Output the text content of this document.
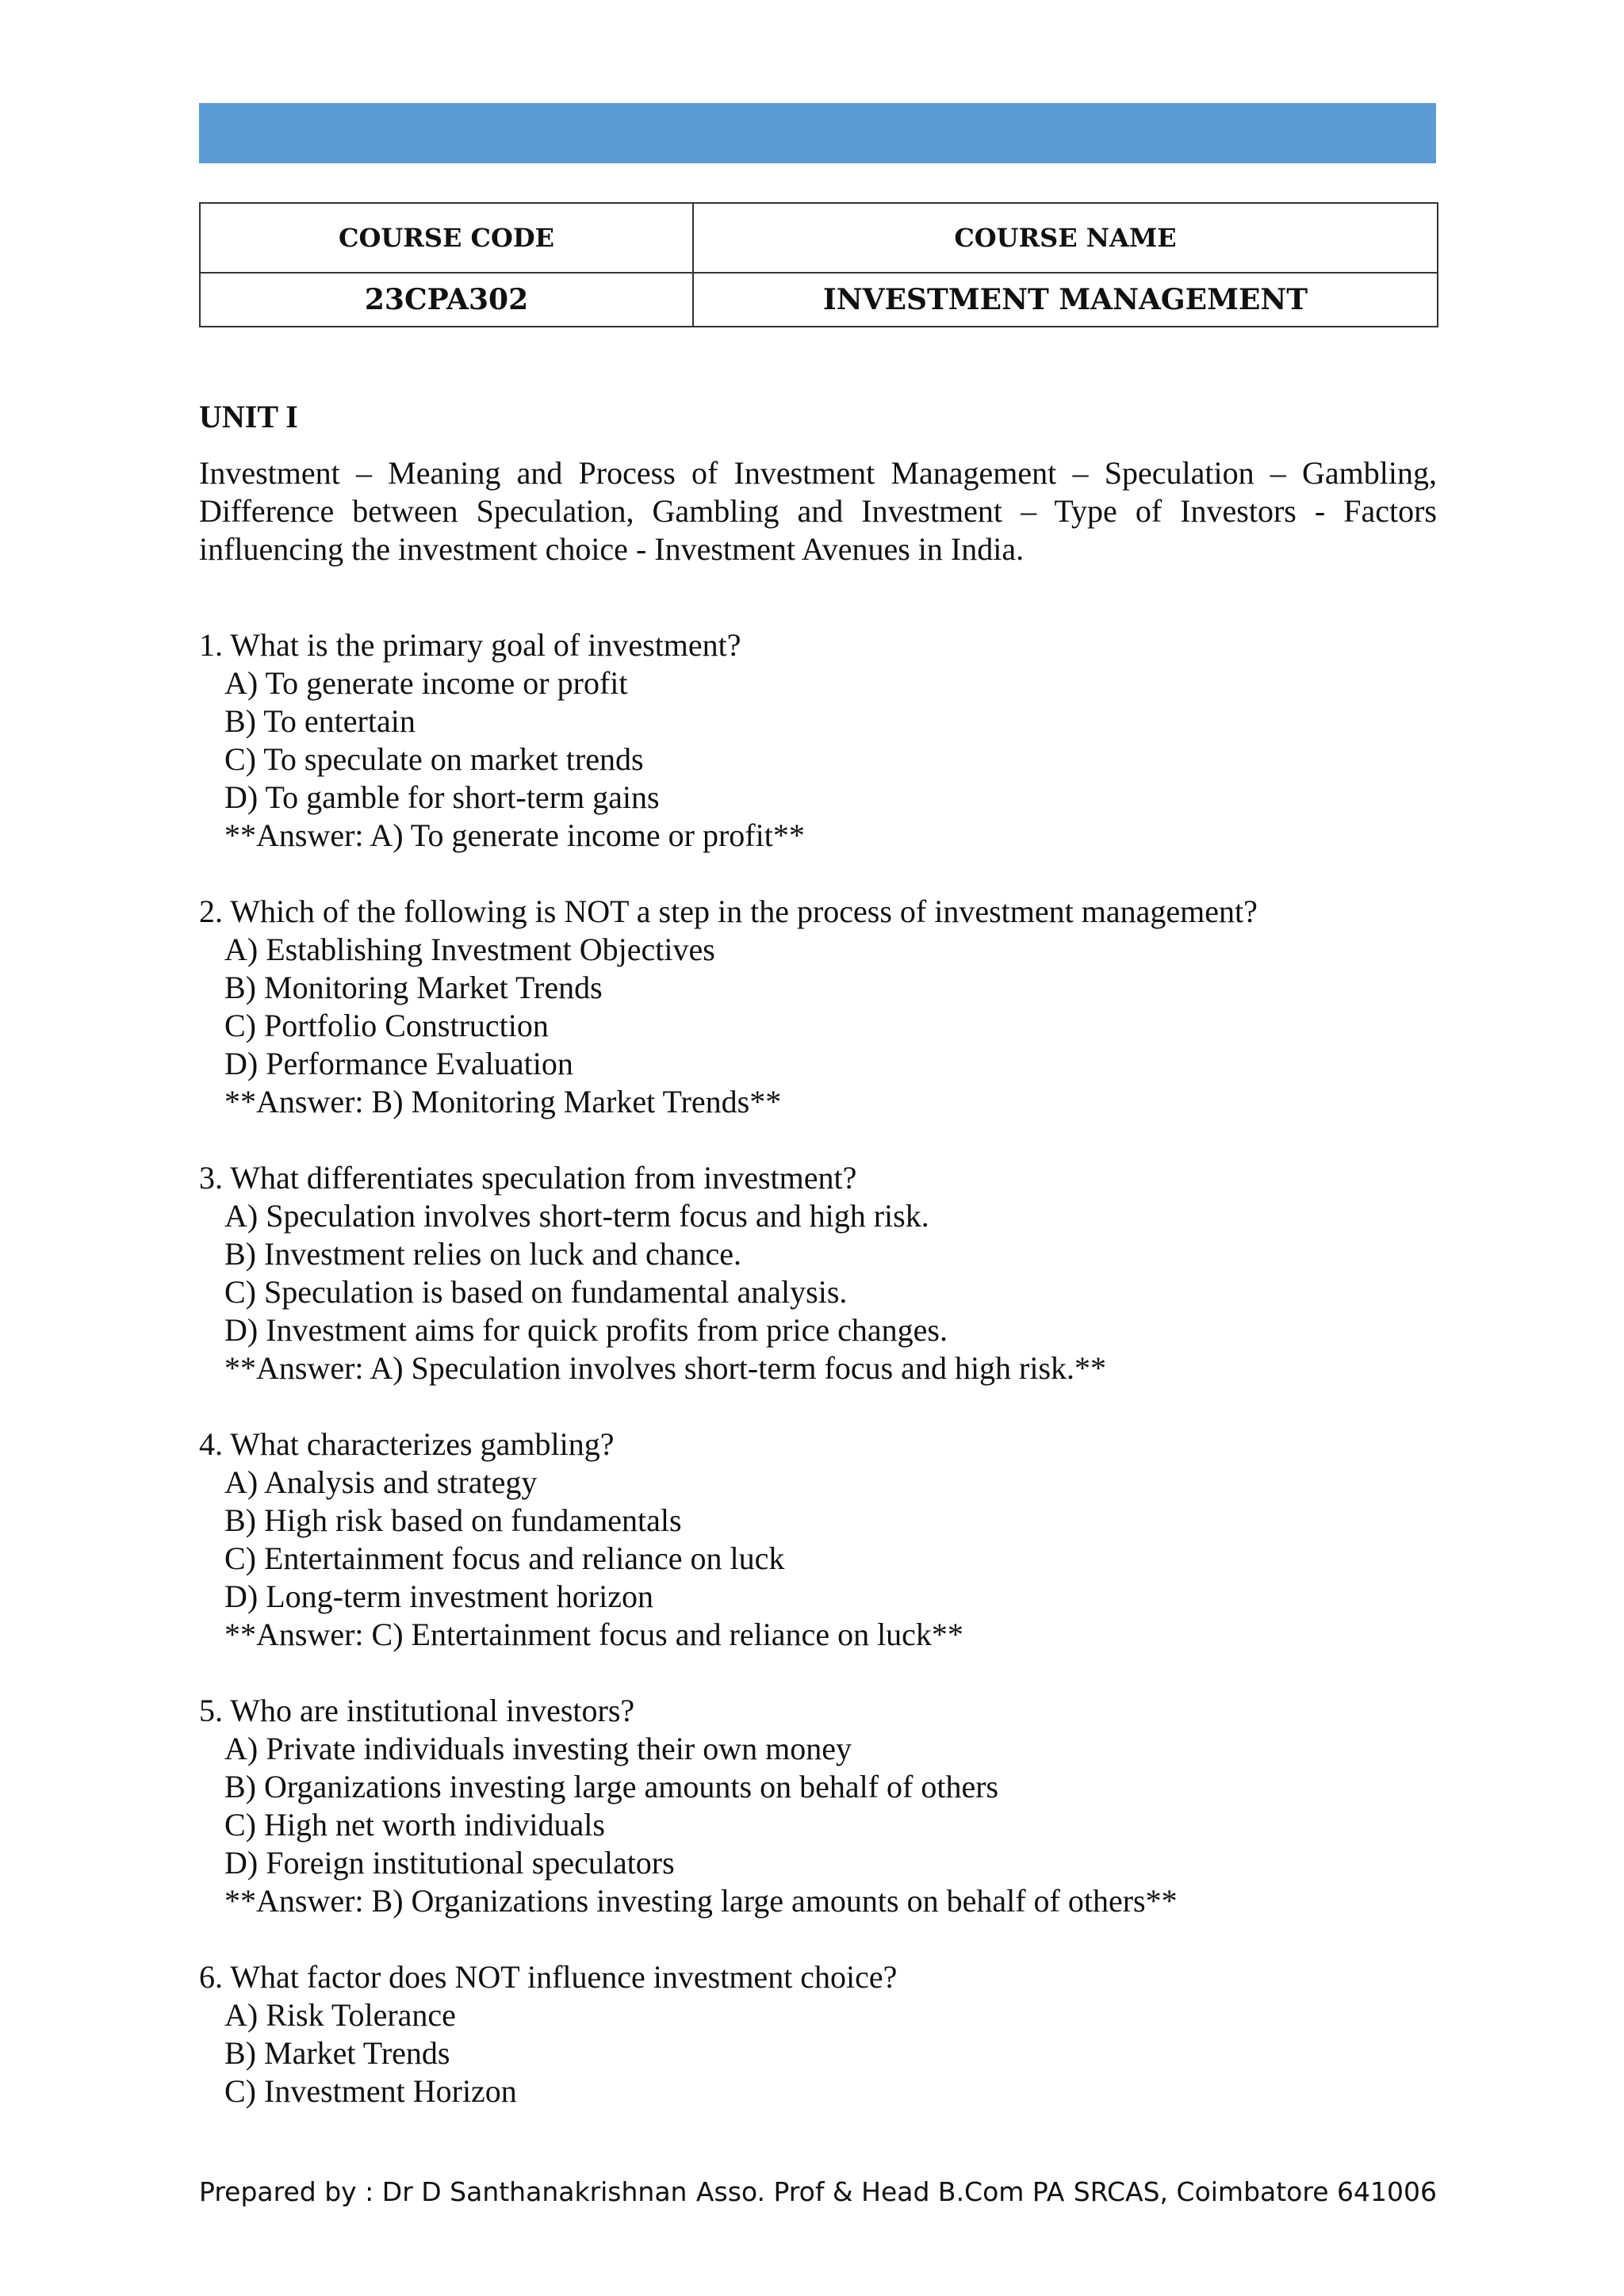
COURSE CODE	COURSE NAME
23CPA302	INVESTMENT MANAGEMENT
UNIT I

Investment – Meaning and Process of Investment Management – Speculation – Gambling, Difference between Speculation, Gambling and Investment – Type of Investors - Factors influencing the investment choice - Investment Avenues in India.

1. What is the primary goal of investment?
A) To generate income or profit
B) To entertain
C) To speculate on market trends
D) To gamble for short-term gains
**Answer: A) To generate income or profit**
2. Which of the following is NOT a step in the process of investment management?
A) Establishing Investment Objectives
B) Monitoring Market Trends
C) Portfolio Construction
D) Performance Evaluation
**Answer: B) Monitoring Market Trends**
3. What differentiates speculation from investment?
A) Speculation involves short-term focus and high risk.
B) Investment relies on luck and chance.
C) Speculation is based on fundamental analysis.
D) Investment aims for quick profits from price changes.
**Answer: A) Speculation involves short-term focus and high risk.**
4. What characterizes gambling?
A) Analysis and strategy
B) High risk based on fundamentals
C) Entertainment focus and reliance on luck
D) Long-term investment horizon
**Answer: C) Entertainment focus and reliance on luck**
5. Who are institutional investors?
A) Private individuals investing their own money
B) Organizations investing large amounts on behalf of others
C) High net worth individuals
D) Foreign institutional speculators
**Answer: B) Organizations investing large amounts on behalf of others**
6. What factor does NOT influence investment choice?
A) Risk Tolerance
B) Market Trends
C) Investment Horizon
Prepared by : Dr D Santhanakrishnan Asso. Prof & Head B.Com PA SRCAS, Coimbatore 641006
